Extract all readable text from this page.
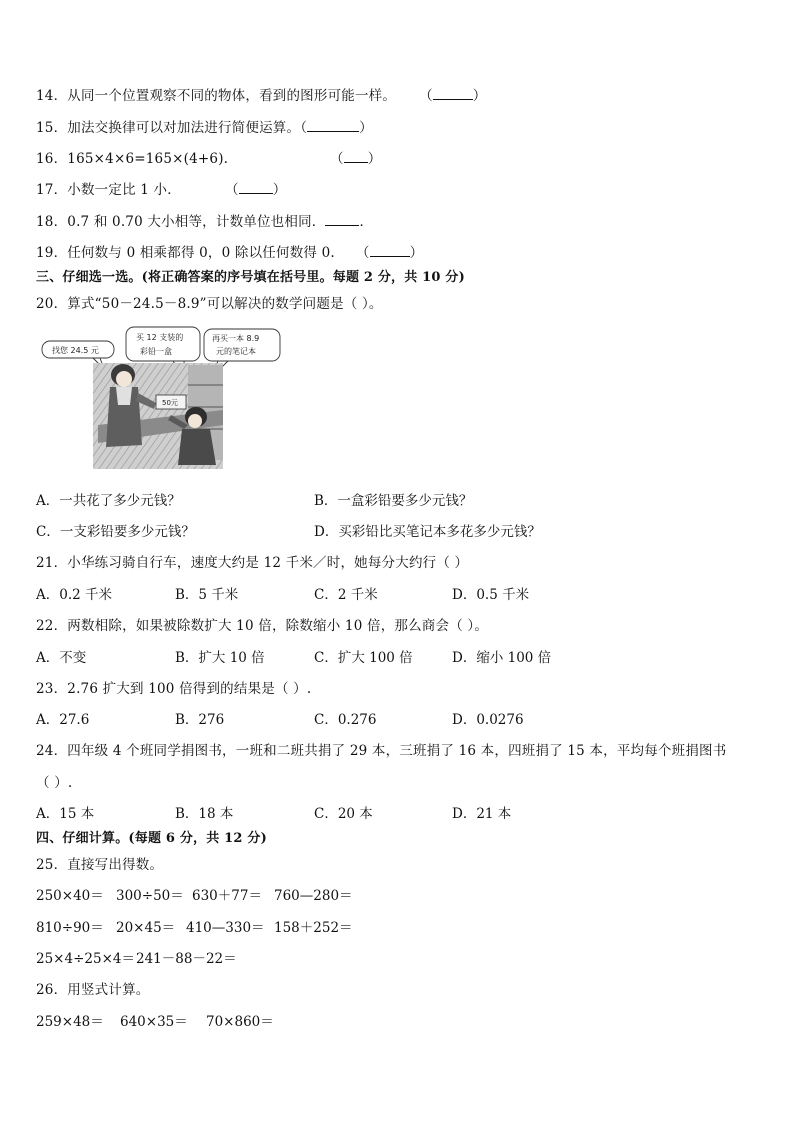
14．从同一个位置观察不同的物体，看到的图形可能一样。 （	）
15．加法交换律可以对加法进行简便运算。（	）
16．165×4×6=165×(4+6).	（ ）
17．小数一定比 1 小．	（	）
18．0.7 和 0.70 大小相等，计数单位也相同．	．
19．任何数与 0 相乘都得 0，0 除以任何数得 0. （	）
三、仔细选一选。(将正确答案的序号填在括号里。每题 2 分，共 10 分)
20．算式“50－24.5－8.9”可以解决的数学问题是（ ）。
找您 24.5 元
买 12 支装的
彩铅一盒
再买一本 8.9
元的笔记本
50元
A．一共花了多少元钱？	B．一盒彩铅要多少元钱？
C．一支彩铅要多少元钱？	D．买彩铅比买笔记本多花多少元钱？
21．小华练习骑自行车，速度大约是 12 千米／时，她每分大约行（ ）
A．0.2 千米	B．5 千米	C．2 千米	D．0.5 千米
22．两数相除，如果被除数扩大 10 倍，除数缩小 10 倍，那么商会（ ）。
A．不变	B．扩大 10 倍	C．扩大 100 倍	D．缩小 100 倍
23．2.76 扩大到 100 倍得到的结果是（ ）.
A．27.6	B．276	C．0.276	D．0.0276
24．四年级 4 个班同学捐图书，一班和二班共捐了 29 本，三班捐了 16 本，四班捐了 15 本，平均每个班捐图书
（ ）.
A．15 本	B．18 本	C．20 本	D．21 本
四、仔细计算。(每题 6 分，共 12 分)
25．直接写出得数。
250×40＝ 300÷50＝ 630＋77＝ 760—280＝
810÷90＝ 20×45＝ 410—330＝ 158＋252＝
25×4÷25×4＝ 241－88－22＝
26．用竖式计算。
259×48＝ 640×35＝ 70×860＝
